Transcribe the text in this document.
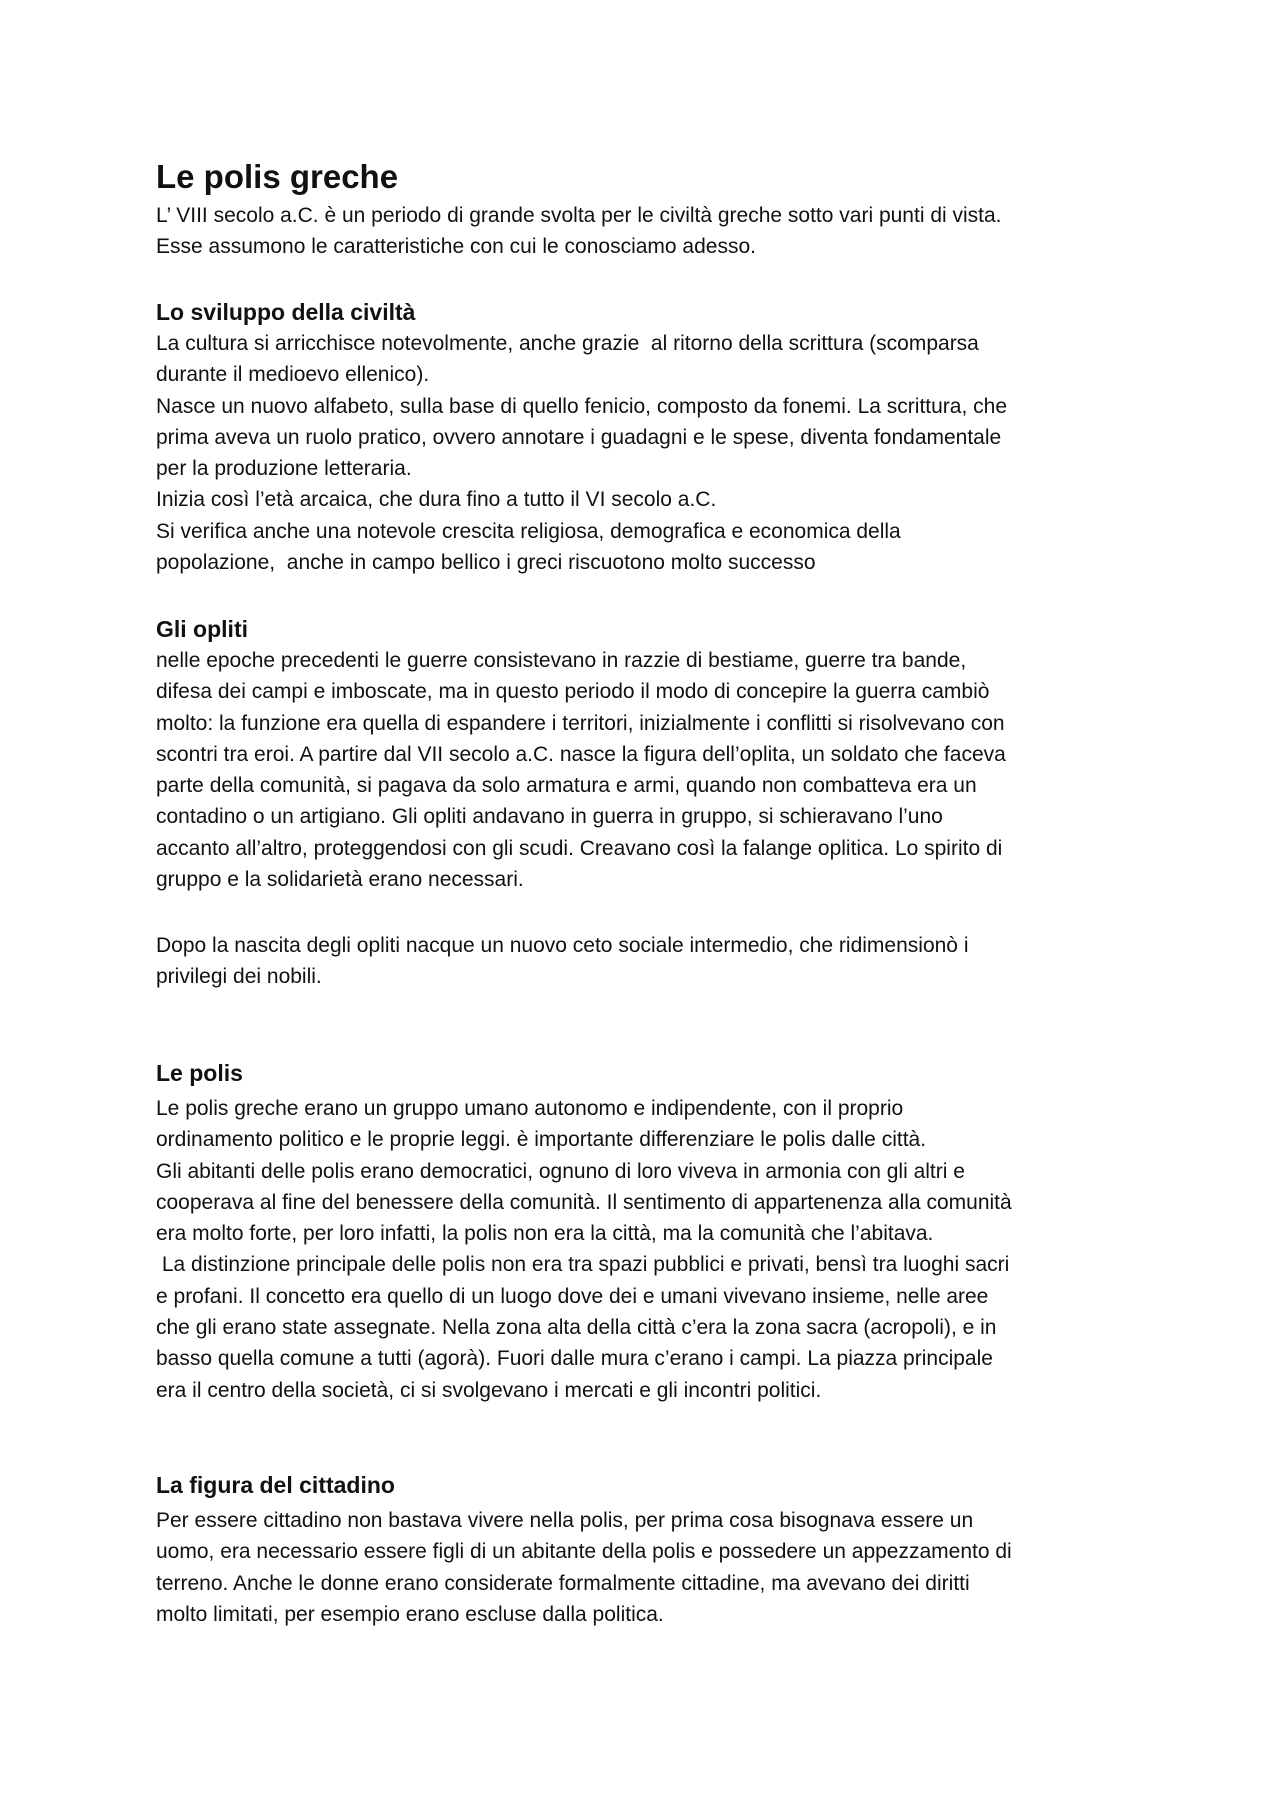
Le polis greche
L’ VIII secolo a.C. è un periodo di grande svolta per le civiltà greche sotto vari punti di vista.
Esse assumono le caratteristiche con cui le conosciamo adesso.
Lo sviluppo della civiltà
La cultura si arricchisce notevolmente, anche grazie  al ritorno della scrittura (scomparsa
durante il medioevo ellenico).
Nasce un nuovo alfabeto, sulla base di quello fenicio, composto da fonemi. La scrittura, che
prima aveva un ruolo pratico, ovvero annotare i guadagni e le spese, diventa fondamentale
per la produzione letteraria.
Inizia così l’età arcaica, che dura fino a tutto il VI secolo a.C.
Si verifica anche una notevole crescita religiosa, demografica e economica della
popolazione,  anche in campo bellico i greci riscuotono molto successo
Gli opliti
nelle epoche precedenti le guerre consistevano in razzie di bestiame, guerre tra bande,
difesa dei campi e imboscate, ma in questo periodo il modo di concepire la guerra cambiò
molto: la funzione era quella di espandere i territori, inizialmente i conflitti si risolvevano con
scontri tra eroi. A partire dal VII secolo a.C. nasce la figura dell’oplita, un soldato che faceva
parte della comunità, si pagava da solo armatura e armi, quando non combatteva era un
contadino o un artigiano. Gli opliti andavano in guerra in gruppo, si schieravano l’uno
accanto all’altro, proteggendosi con gli scudi. Creavano così la falange oplitica. Lo spirito di
gruppo e la solidarietà erano necessari.
Dopo la nascita degli opliti nacque un nuovo ceto sociale intermedio, che ridimensionò i
privilegi dei nobili.
Le polis
Le polis greche erano un gruppo umano autonomo e indipendente, con il proprio
ordinamento politico e le proprie leggi. è importante differenziare le polis dalle città.
Gli abitanti delle polis erano democratici, ognuno di loro viveva in armonia con gli altri e
cooperava al fine del benessere della comunità. Il sentimento di appartenenza alla comunità
era molto forte, per loro infatti, la polis non era la città, ma la comunità che l’abitava.
La distinzione principale delle polis non era tra spazi pubblici e privati, bensì tra luoghi sacri
e profani. Il concetto era quello di un luogo dove dei e umani vivevano insieme, nelle aree
che gli erano state assegnate. Nella zona alta della città c’era la zona sacra (acropoli), e in
basso quella comune a tutti (agorà). Fuori dalle mura c’erano i campi. La piazza principale
era il centro della società, ci si svolgevano i mercati e gli incontri politici.
La figura del cittadino
Per essere cittadino non bastava vivere nella polis, per prima cosa bisognava essere un
uomo, era necessario essere figli di un abitante della polis e possedere un appezzamento di
terreno. Anche le donne erano considerate formalmente cittadine, ma avevano dei diritti
molto limitati, per esempio erano escluse dalla politica.
